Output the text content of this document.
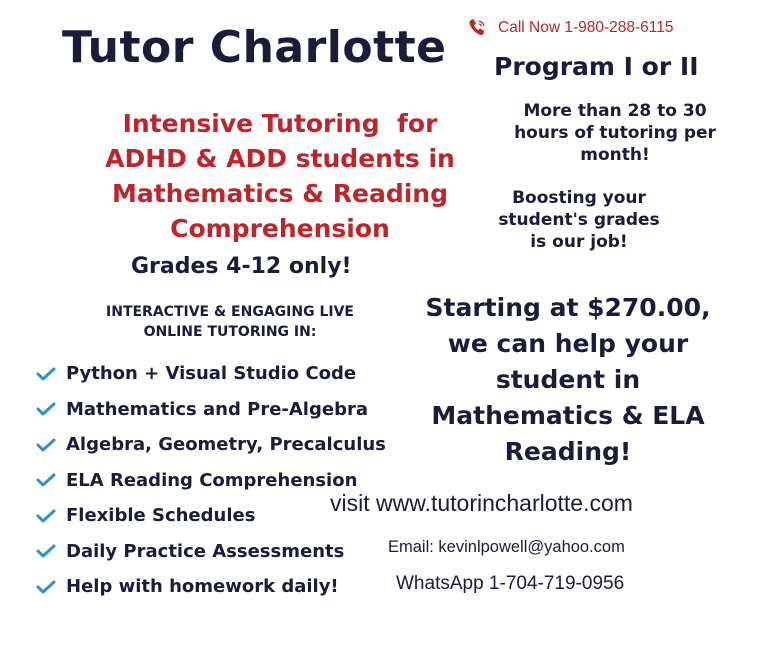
Tutor Charlotte	Call Now 1-980-288-6115
Program I or II
More than 28 to 30
hours of tutoring per
month!
Boosting your
student's grades
is our job!
Intensive Tutoring  for
ADHD & ADD students in
Mathematics & Reading
Comprehension
Grades 4-12 only!
INTERACTIVE & ENGAGING LIVE
ONLINE TUTORING IN:
Python + Visual Studio Code
Mathematics and Pre-Algebra
Algebra, Geometry, Precalculus
ELA Reading Comprehension
Flexible Schedules
Daily Practice Assessments
Help with homework daily!
Starting at $270.00,
we can help your
student in
Mathematics & ELA
Reading!
visit www.tutorincharlotte.com
Email: kevinlpowell@yahoo.com
WhatsApp 1-704-719-0956
